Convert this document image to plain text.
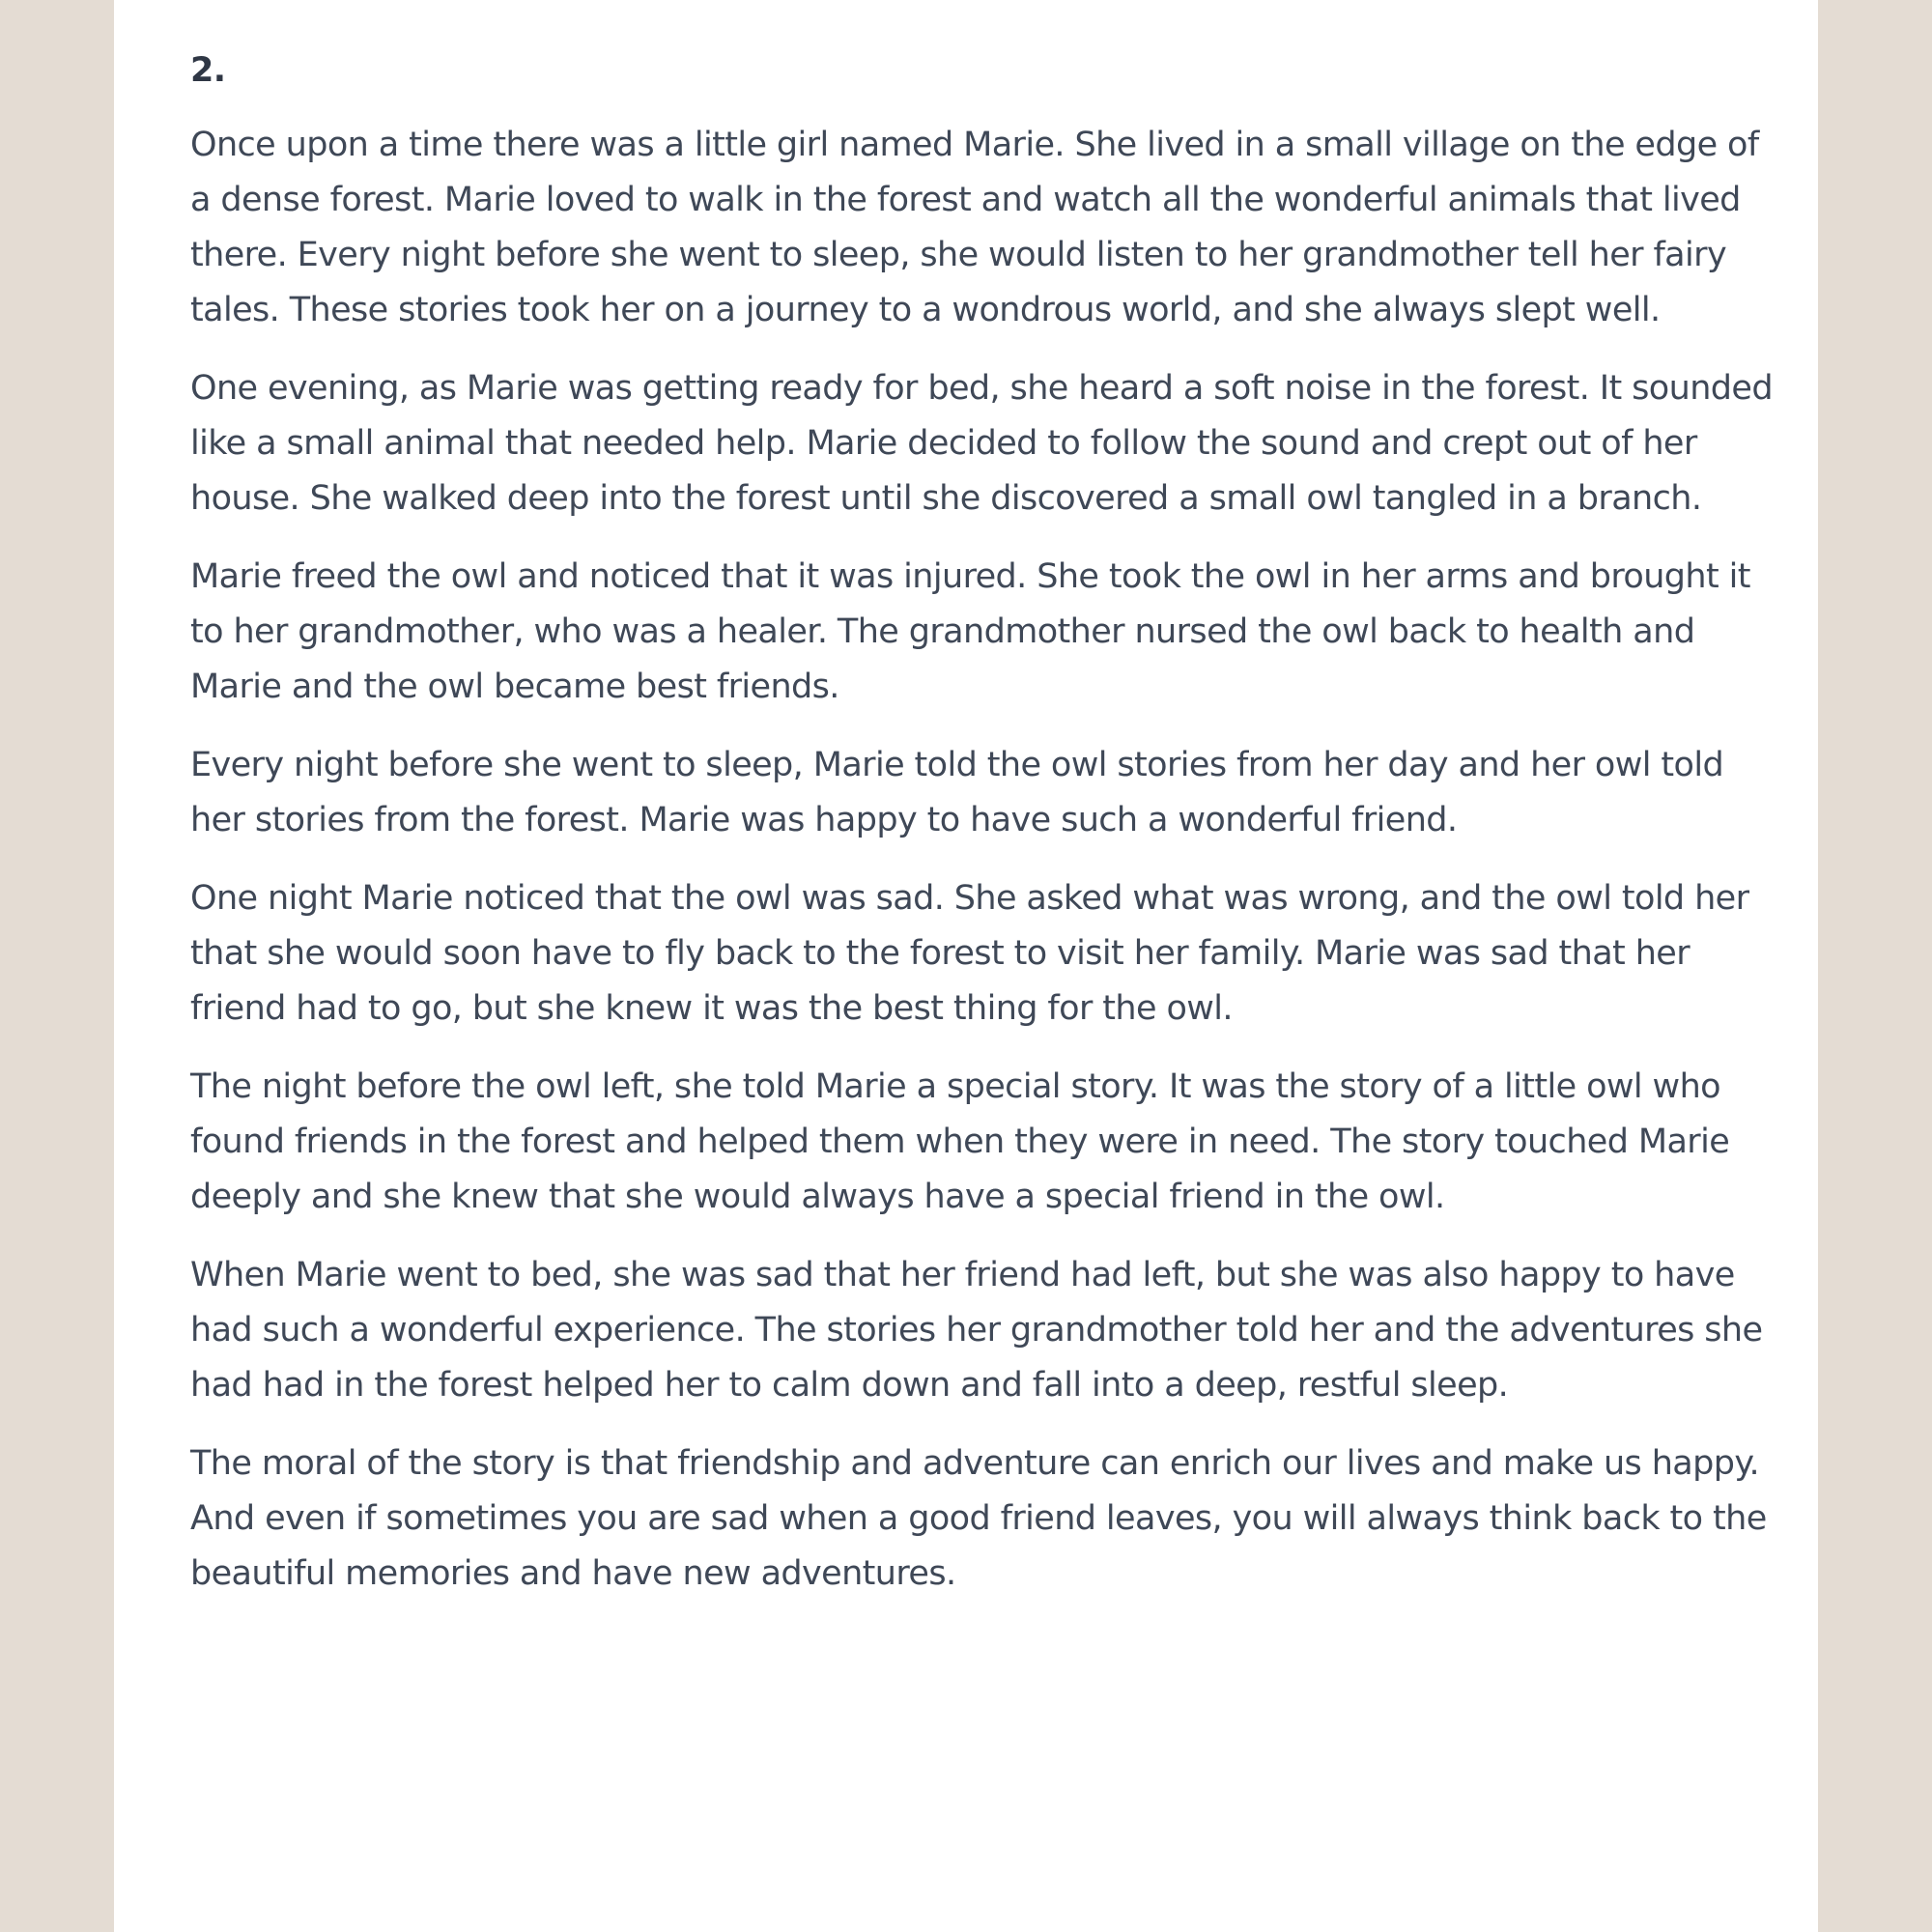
2.

Once upon a time there was a little girl named Marie. She lived in a small village on the edge of a dense forest. Marie loved to walk in the forest and watch all the wonderful animals that lived there. Every night before she went to sleep, she would listen to her grandmother tell her fairy tales. These stories took her on a journey to a wondrous world, and she always slept well.

One evening, as Marie was getting ready for bed, she heard a soft noise in the forest. It sounded like a small animal that needed help. Marie decided to follow the sound and crept out of her house. She walked deep into the forest until she discovered a small owl tangled in a branch.

Marie freed the owl and noticed that it was injured. She took the owl in her arms and brought it to her grandmother, who was a healer. The grandmother nursed the owl back to health and Marie and the owl became best friends.

Every night before she went to sleep, Marie told the owl stories from her day and her owl told her stories from the forest. Marie was happy to have such a wonderful friend.

One night Marie noticed that the owl was sad. She asked what was wrong, and the owl told her that she would soon have to fly back to the forest to visit her family. Marie was sad that her friend had to go, but she knew it was the best thing for the owl.

The night before the owl left, she told Marie a special story. It was the story of a little owl who found friends in the forest and helped them when they were in need. The story touched Marie deeply and she knew that she would always have a special friend in the owl.

When Marie went to bed, she was sad that her friend had left, but she was also happy to have had such a wonderful experience. The stories her grandmother told her and the adventures she had had in the forest helped her to calm down and fall into a deep, restful sleep.

The moral of the story is that friendship and adventure can enrich our lives and make us happy. And even if sometimes you are sad when a good friend leaves, you will always think back to the beautiful memories and have new adventures.
